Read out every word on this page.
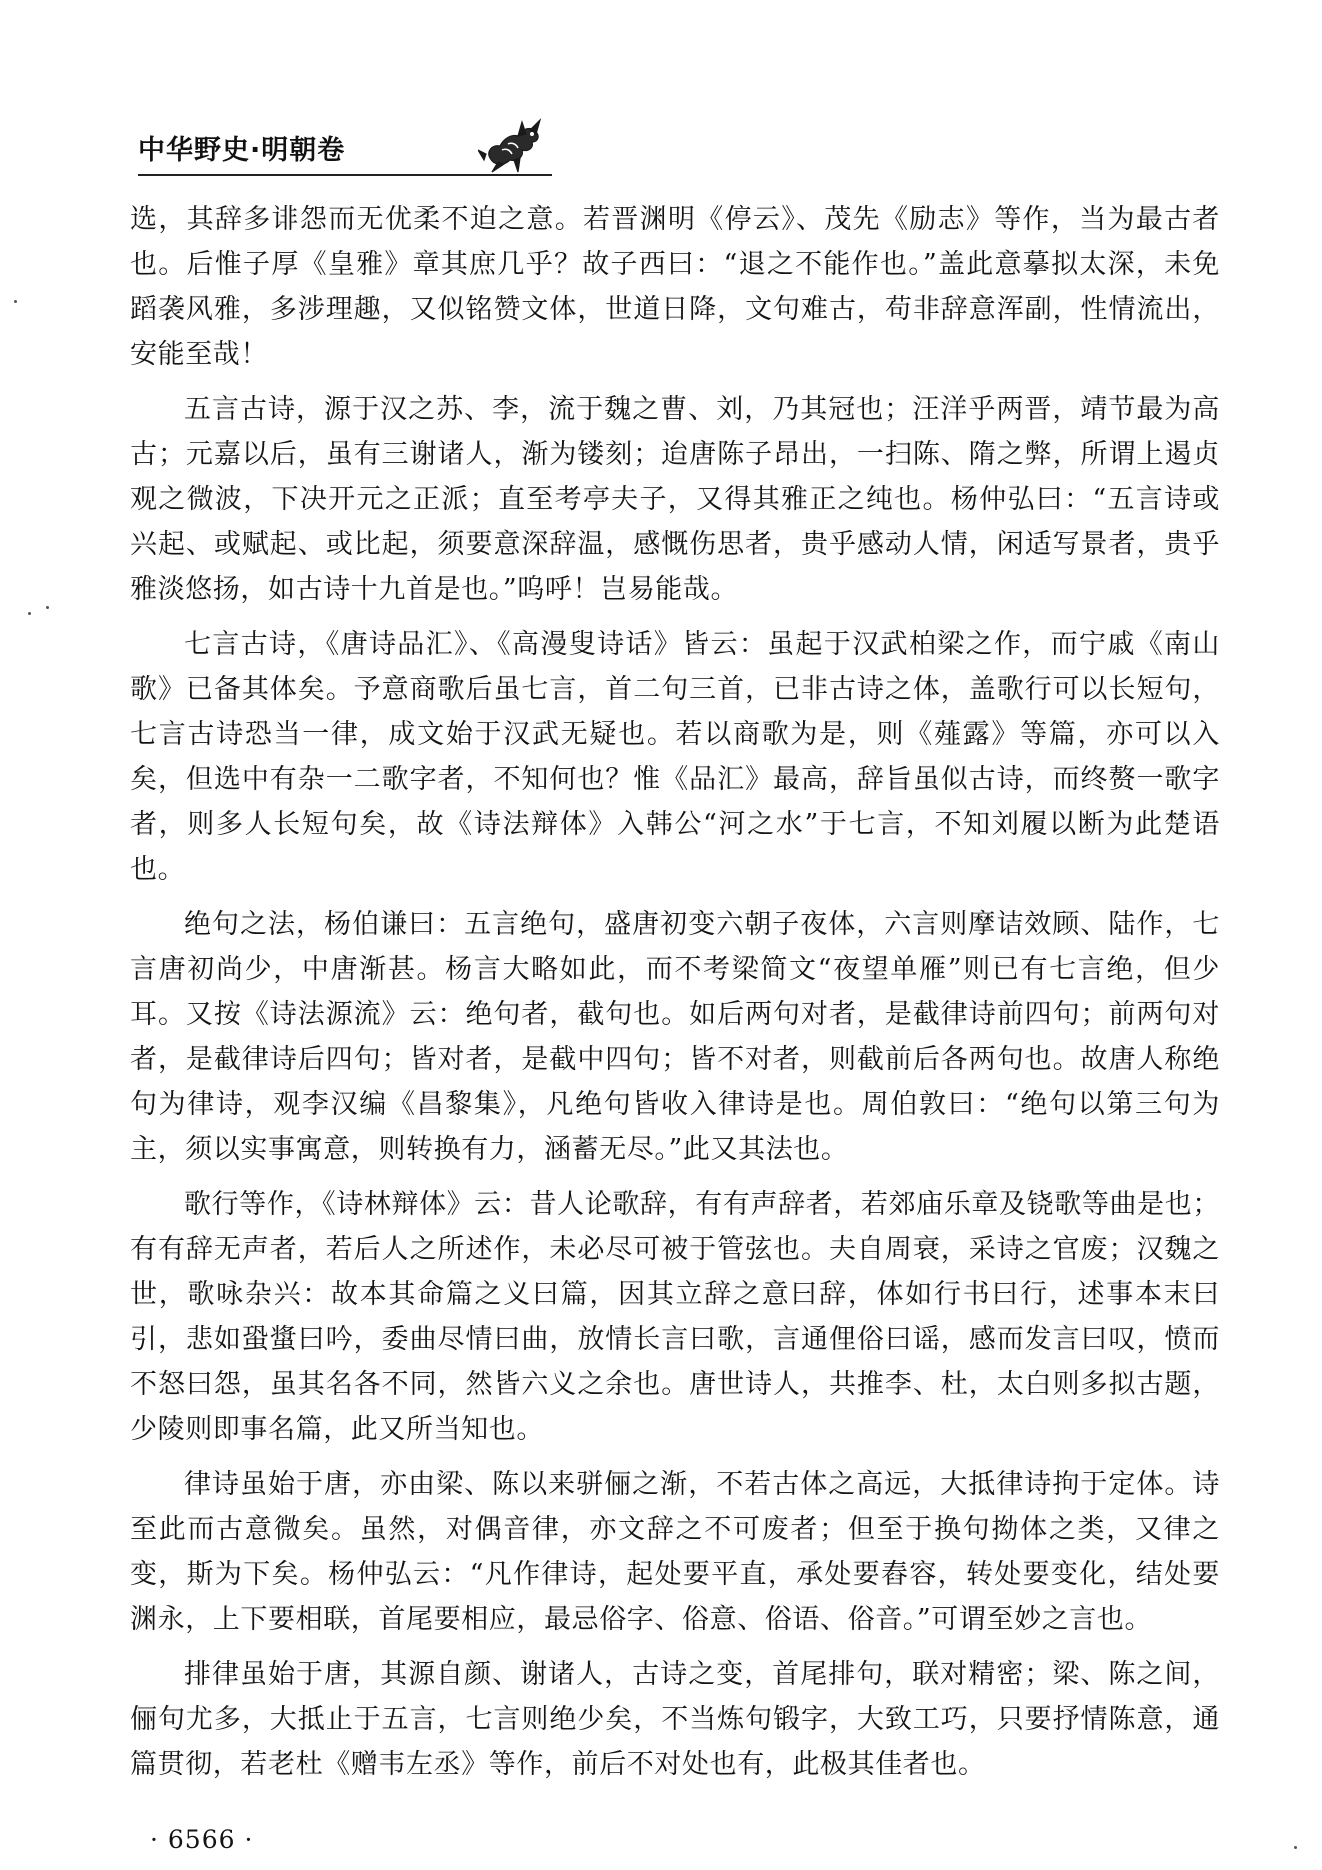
中华野史·明朝卷

选，其辞多诽怨而无优柔不迫之意。若晋渊明《停云》、茂先《励志》等作，当为最古者也。后惟子厚《皇雅》章其庶几乎？故子西曰：“退之不能作也。”盖此意摹拟太深，未免蹈袭风雅，多涉理趣，又似铭赞文体，世道日降，文句难古，苟非辞意浑副，性情流出，安能至哉！

五言古诗，源于汉之苏、李，流于魏之曹、刘，乃其冠也；汪洋乎两晋，靖节最为高古；元嘉以后，虽有三谢诸人，渐为镂刻；迨唐陈子昂出，一扫陈、隋之弊，所谓上遏贞观之微波，下决开元之正派；直至考亭夫子，又得其雅正之纯也。杨仲弘曰：“五言诗或兴起、或赋起、或比起，须要意深辞温，感慨伤思者，贵乎感动人情，闲适写景者，贵乎雅淡悠扬，如古诗十九首是也。”呜呼！岂易能哉。

七言古诗，《唐诗品汇》、《高漫叟诗话》皆云：虽起于汉武柏梁之作，而宁戚《南山歌》已备其体矣。予意商歌后虽七言，首二句三首，已非古诗之体，盖歌行可以长短句，七言古诗恐当一律，成文始于汉武无疑也。若以商歌为是，则《薤露》等篇，亦可以入矣，但选中有杂一二歌字者，不知何也？惟《品汇》最高，辞旨虽似古诗，而终赘一歌字者，则多人长短句矣，故《诗法辩体》入韩公“河之水”于七言，不知刘履以断为此楚语也。

绝句之法，杨伯谦曰：五言绝句，盛唐初变六朝子夜体，六言则摩诘效顾、陆作，七言唐初尚少，中唐渐甚。杨言大略如此，而不考梁简文“夜望单雁”则已有七言绝，但少耳。又按《诗法源流》云：绝句者，截句也。如后两句对者，是截律诗前四句；前两句对者，是截律诗后四句；皆对者，是截中四句；皆不对者，则截前后各两句也。故唐人称绝句为律诗，观李汉编《昌黎集》，凡绝句皆收入律诗是也。周伯敦曰：“绝句以第三句为主，须以实事寓意，则转换有力，涵蓄无尽。”此又其法也。

歌行等作，《诗林辩体》云：昔人论歌辞，有有声辞者，若郊庙乐章及铙歌等曲是也；有有辞无声者，若后人之所述作，未必尽可被于管弦也。夫自周衰，采诗之官废；汉魏之世，歌咏杂兴：故本其命篇之义曰篇，因其立辞之意曰辞，体如行书曰行，述事本末曰引，悲如蛩螀曰吟，委曲尽情曰曲，放情长言曰歌，言通俚俗曰谣，感而发言曰叹，愤而不怒曰怨，虽其名各不同，然皆六义之余也。唐世诗人，共推李、杜，太白则多拟古题，少陵则即事名篇，此又所当知也。

律诗虽始于唐，亦由梁、陈以来骈俪之渐，不若古体之高远，大抵律诗拘于定体。诗至此而古意微矣。虽然，对偶音律，亦文辞之不可废者；但至于换句拗体之类，又律之变，斯为下矣。杨仲弘云：“凡作律诗，起处要平直，承处要舂容，转处要变化，结处要渊永，上下要相联，首尾要相应，最忌俗字、俗意、俗语、俗音。”可谓至妙之言也。

排律虽始于唐，其源自颜、谢诸人，古诗之变，首尾排句，联对精密；梁、陈之间，俪句尤多，大抵止于五言，七言则绝少矣，不当炼句锻字，大致工巧，只要抒情陈意，通篇贯彻，若老杜《赠韦左丞》等作，前后不对处也有，此极其佳者也。

· 6566 ·
